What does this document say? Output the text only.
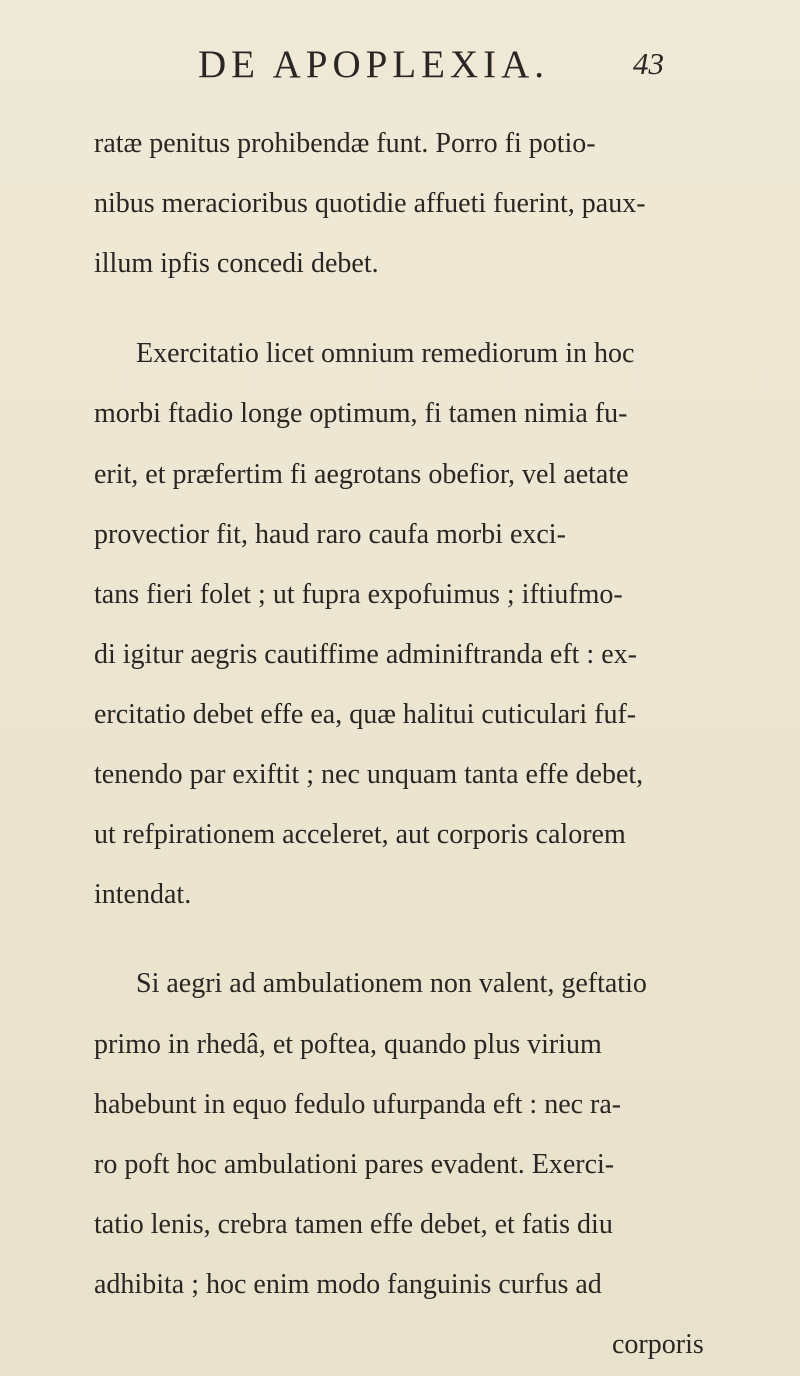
DE APOPLEXIA.	43
ratæ penitus prohibendæ funt. Porro fi potio-
nibus meracioribus quotidie affueti fuerint, paux-
illum ipfis concedi debet.
Exercitatio licet omnium remediorum in hoc
morbi ftadio longe optimum, fi tamen nimia fu-
erit, et præfertim fi aegrotans obefior, vel aetate
provectior fit, haud raro caufa morbi exci-
tans fieri folet ; ut fupra expofuimus ; iftiufmo-
di igitur aegris cautiffime adminiftranda eft : ex-
ercitatio debet effe ea, quæ halitui cuticulari fuf-
tenendo par exiftit ; nec unquam tanta effe debet,
ut refpirationem acceleret, aut corporis calorem
intendat.
Si aegri ad ambulationem non valent, geftatio
primo in rhedâ, et poftea, quando plus virium
habebunt in equo fedulo ufurpanda eft : nec ra-
ro poft hoc ambulationi pares evadent. Exerci-
tatio lenis, crebra tamen effe debet, et fatis diu
adhibita ; hoc enim modo fanguinis curfus ad
corporis
